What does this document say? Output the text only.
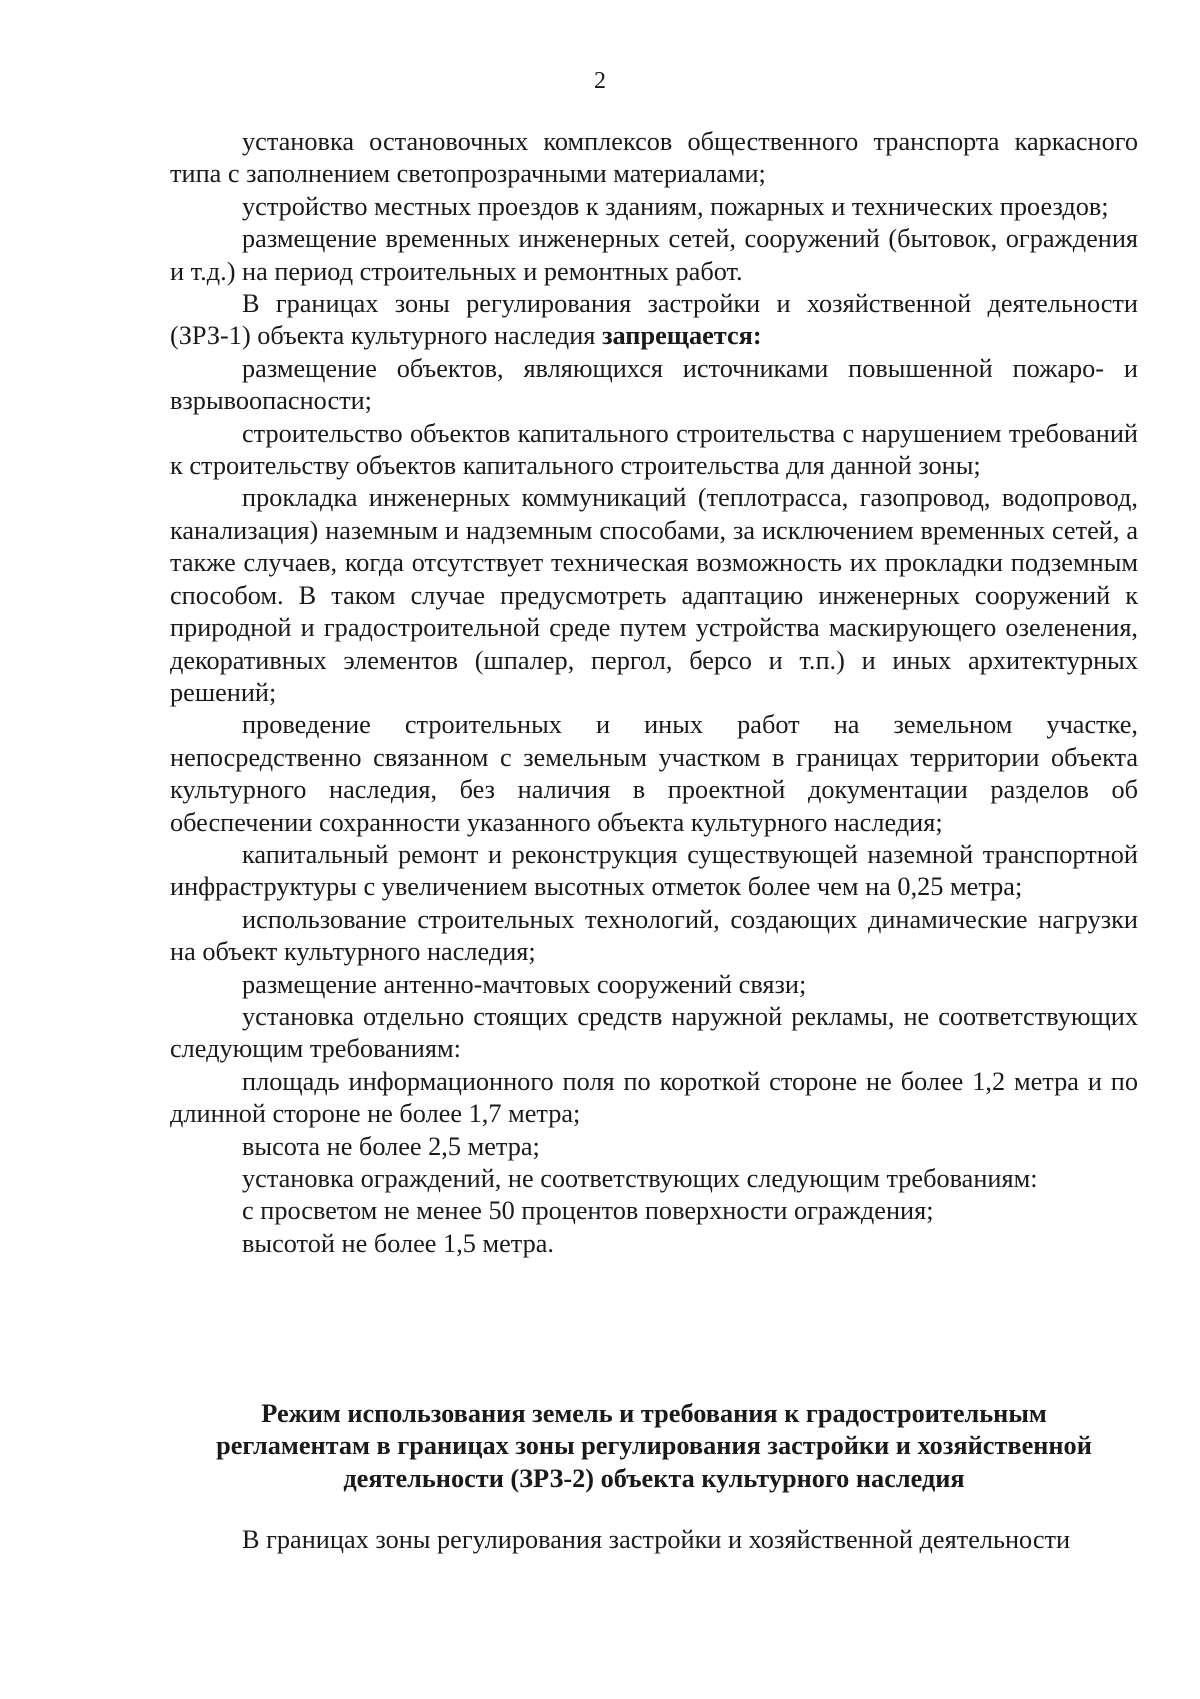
2

установка остановочных комплексов общественного транспорта каркасного типа с заполнением светопрозрачными материалами;

устройство местных проездов к зданиям, пожарных и технических проездов;

размещение временных инженерных сетей, сооружений (бытовок, ограждения и т.д.) на период строительных и ремонтных работ.

В границах зоны регулирования застройки и хозяйственной деятельности (ЗРЗ-1) объекта культурного наследия запрещается:

размещение объектов, являющихся источниками повышенной пожаро- и взрывоопасности;

строительство объектов капитального строительства с нарушением требований к строительству объектов капитального строительства для данной зоны;

прокладка инженерных коммуникаций (теплотрасса, газопровод, водопровод, канализация) наземным и надземным способами, за исключением временных сетей, а также случаев, когда отсутствует техническая возможность их прокладки подземным способом. В таком случае предусмотреть адаптацию инженерных сооружений к природной и градостроительной среде путем устройства маскирующего озеленения, декоративных элементов (шпалер, пергол, берсо и т.п.) и иных архитектурных решений;

проведение строительных и иных работ на земельном участке, непосредственно связанном с земельным участком в границах территории объекта культурного наследия, без наличия в проектной документации разделов об обеспечении сохранности указанного объекта культурного наследия;

капитальный ремонт и реконструкция существующей наземной транспортной инфраструктуры с увеличением высотных отметок более чем на 0,25 метра;

использование строительных технологий, создающих динамические нагрузки на объект культурного наследия;

размещение антенно-мачтовых сооружений связи;

установка отдельно стоящих средств наружной рекламы, не соответствующих следующим требованиям:

площадь информационного поля по короткой стороне не более 1,2 метра и по длинной стороне не более 1,7 метра;

высота не более 2,5 метра;

установка ограждений, не соответствующих следующим требованиям:

с просветом не менее 50 процентов поверхности ограждения;

высотой не более 1,5 метра.

Режим использования земель и требования к градостроительным
регламентам в границах зоны регулирования застройки и хозяйственной
деятельности (ЗРЗ-2) объекта культурного наследия
В границах зоны регулирования застройки и хозяйственной деятельности
